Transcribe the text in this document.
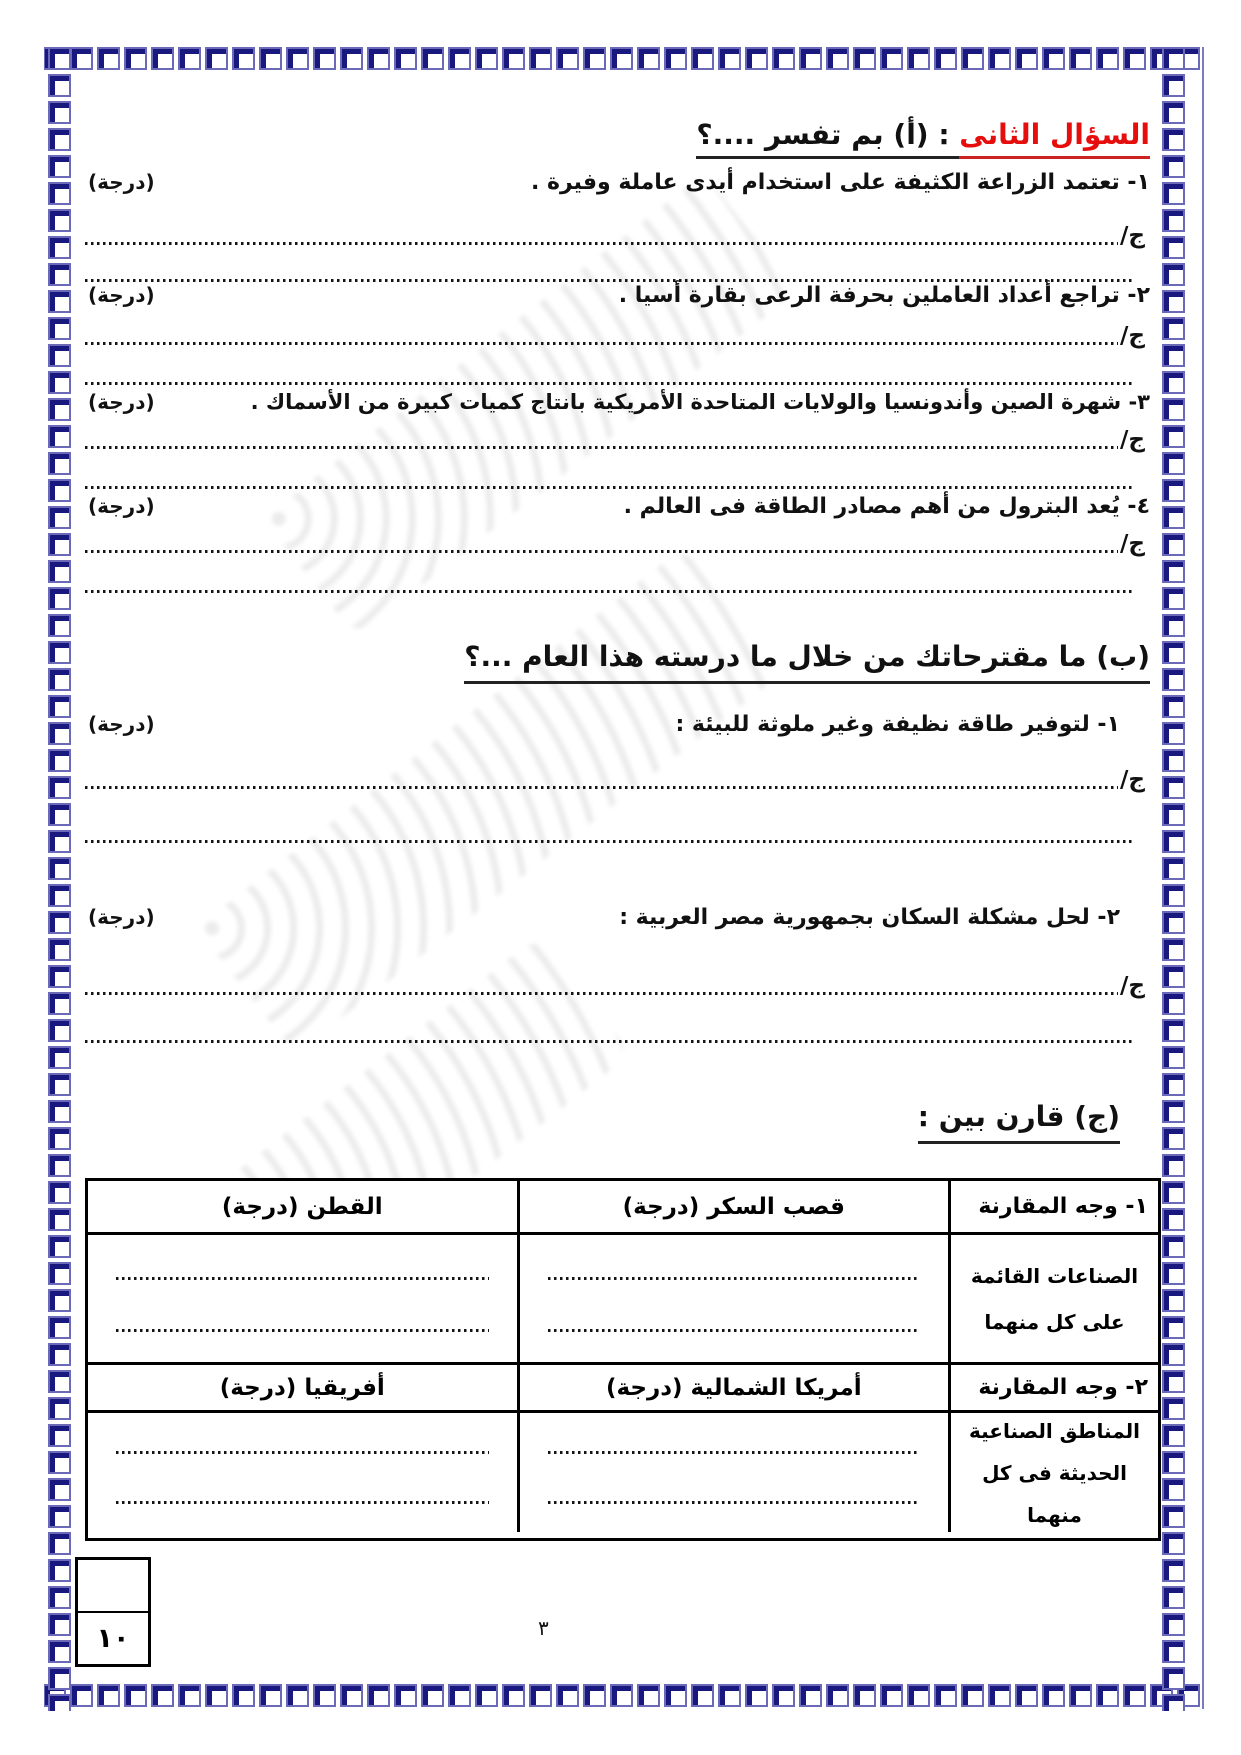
السؤال الثانى : (أ) بم تفسر ....؟
١- تعتمد الزراعة الكثيفة على استخدام أيدى عاملة وفيرة .
(درجة)
ج/
٢- تراجع أعداد العاملين بحرفة الرعى بقارة أسيا .
(درجة)
ج/
٣- شهرة الصين وأندونسيا والولايات المتاحدة الأمريكية بانتاج كميات كبيرة من الأسماك .
(درجة)
ج/
٤- يُعد البترول من أهم مصادر الطاقة فى العالم .
(درجة)
ج/
(ب) ما مقترحاتك من خلال ما درسته هذا العام ...؟
١- لتوفير طاقة نظيفة وغير ملوثة للبيئة :
(درجة)
ج/
٢- لحل مشكلة السكان بجمهورية مصر العربية :
(درجة)
ج/
(ج) قارن بين :
١- وجه المقارنة
قصب السكر (درجة)
القطن (درجة)
الصناعات القائمة على كل منهما
٢- وجه المقارنة
أمريكا الشمالية (درجة)
أفريقيا (درجة)
المناطق الصناعية الحديثة فى كل منهما
١٠	٣
